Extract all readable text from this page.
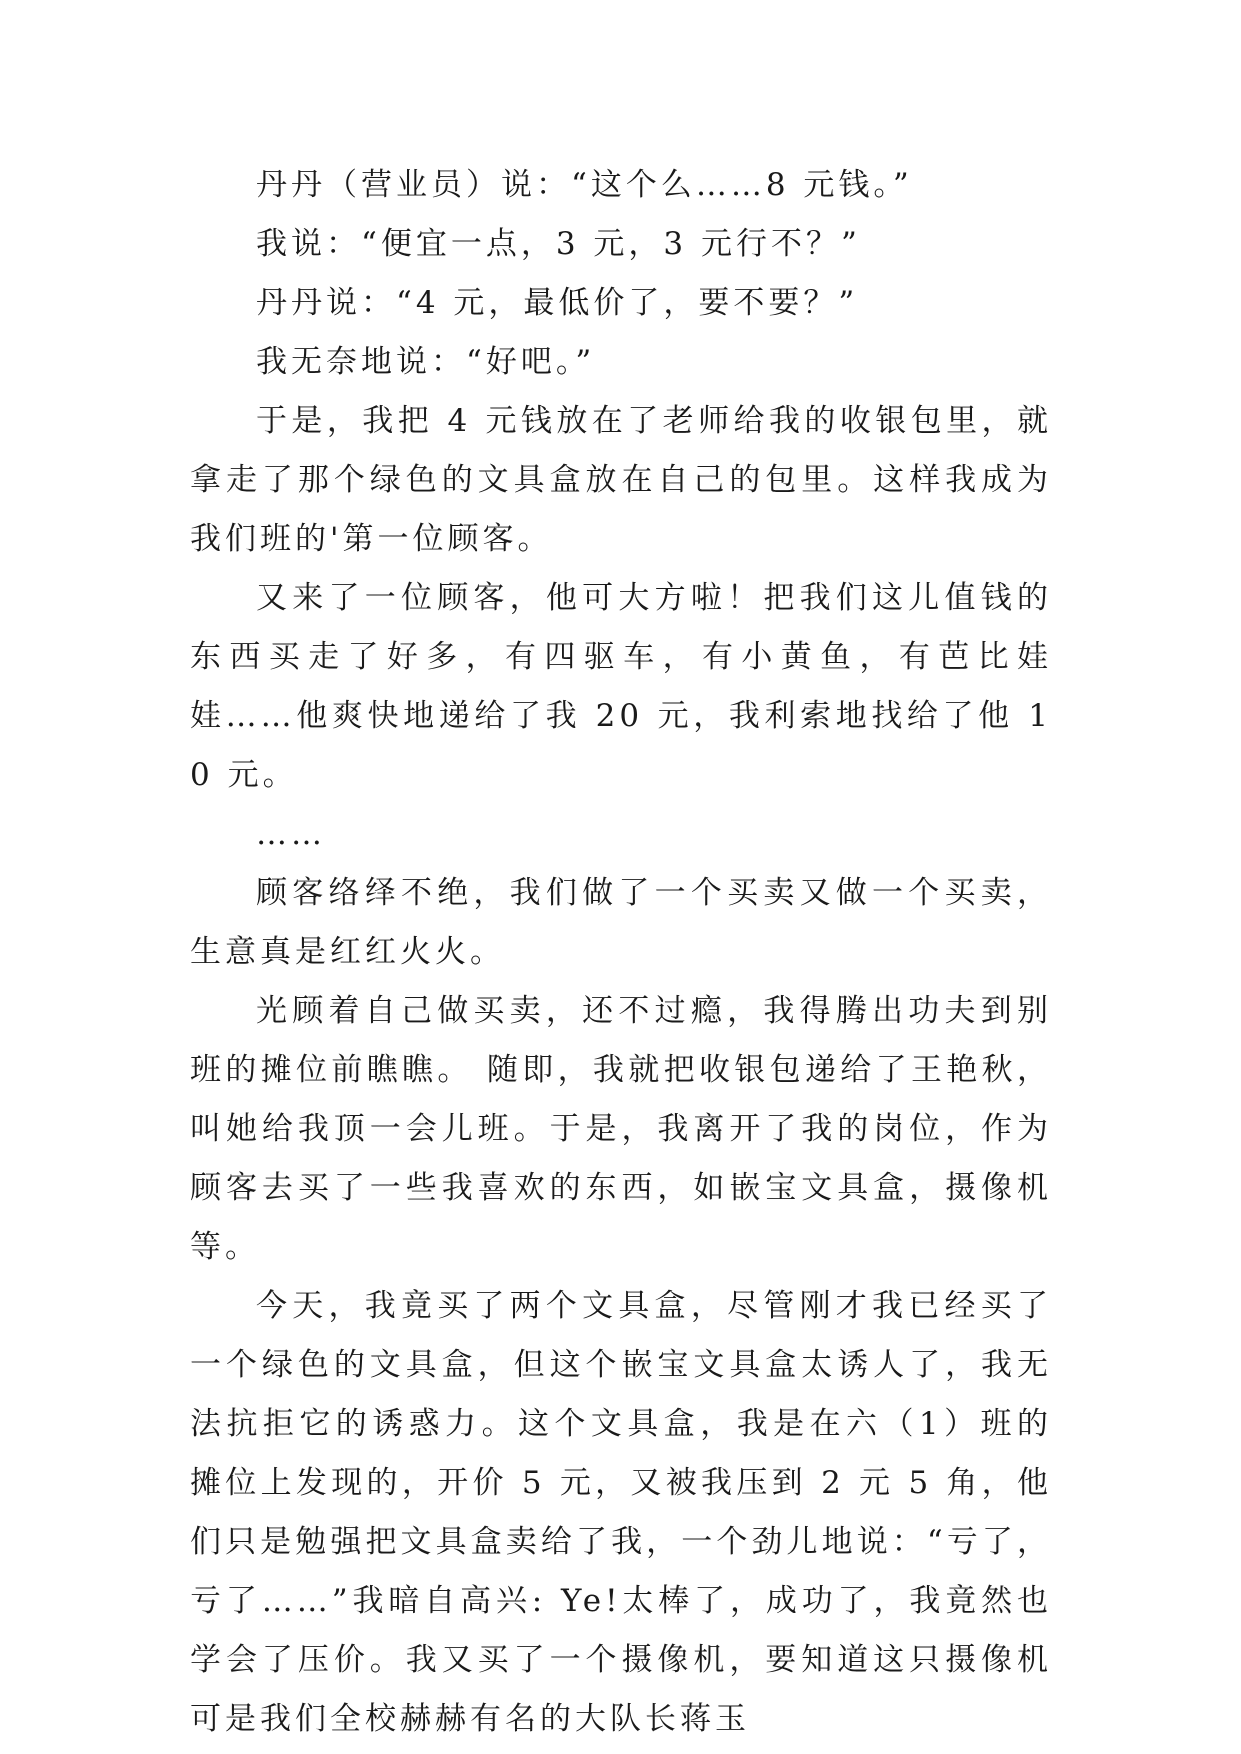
丹丹（营业员）说：“这个么……8 元钱。”

我说：“便宜一点，3 元，3 元行不？”

丹丹说：“4 元，最低价了，要不要？”

我无奈地说：“好吧。”

于是，我把 4 元钱放在了老师给我的收银包里，就拿走了那个绿色的文具盒放在自己的包里。这样我成为我们班的'第一位顾客。

又来了一位顾客，他可大方啦！把我们这儿值钱的东西买走了好多，有四驱车，有小黄鱼，有芭比娃娃……他爽快地递给了我 20 元，我利索地找给了他 10 元。

……

顾客络绎不绝，我们做了一个买卖又做一个买卖，生意真是红红火火。

光顾着自己做买卖，还不过瘾，我得腾出功夫到别班的摊位前瞧瞧。 随即，我就把收银包递给了王艳秋，叫她给我顶一会儿班。于是，我离开了我的岗位，作为顾客去买了一些我喜欢的东西，如嵌宝文具盒，摄像机等。

今天，我竟买了两个文具盒，尽管刚才我已经买了一个绿色的文具盒，但这个嵌宝文具盒太诱人了，我无法抗拒它的诱惑力。这个文具盒，我是在六（1）班的摊位上发现的，开价 5 元，又被我压到 2 元 5 角，他们只是勉强把文具盒卖给了我，一个劲儿地说：“亏了，亏了……”我暗自高兴: Ye!太棒了，成功了，我竟然也学会了压价。我又买了一个摄像机，要知道这只摄像机可是我们全校赫赫有名的大队长蒋玉
